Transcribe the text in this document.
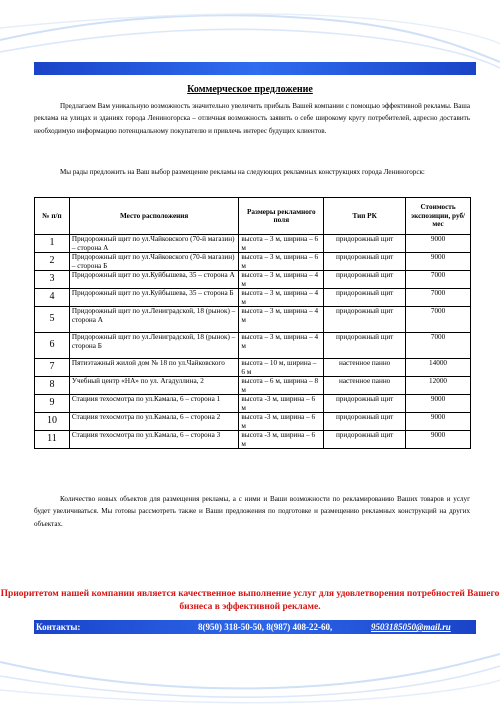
Коммерческое предложение
Предлагаем Вам уникальную возможность значительно увеличить прибыль Вашей компании с помощью эффективной рекламы. Ваша реклама на улицах и зданиях города Лениногорска – отличная возможность заявить о себе широкому кругу потребителей, адресно доставить необходимую информацию потенциальному покупателю и привлечь интерес будущих клиентов.
Мы рады предложить на Ваш выбор размещение рекламы на следующих рекламных конструкциях города Лениногорск:
№ п/п	Место расположения	Размеры рекламного поля	Тип РК	Стоимость экспозиции, руб/мес
1	Придорожный щит по ул.Чайковского (70-й магазин) – сторона А	высота – 3 м, ширина – 6 м	придорожный щит	9000
2	Придорожный щит по ул.Чайковского (70-й магазин) – сторона Б	высота – 3 м, ширина – 6 м	придорожный щит	9000
3	Придорожный щит по ул.Куйбышева, 35 – сторона А	высота – 3 м, ширина – 4 м	придорожный щит	7000
4	Придорожный щит по ул.Куйбышева, 35 – сторона Б	высота – 3 м, ширина – 4 м	придорожный щит	7000
5	Придорожный щит по ул.Лениградской, 18 (рынок) – сторона А	высота – 3 м, ширина – 4 м	придорожный щит	7000
6	Придорожный щит по ул.Лениградской, 18 (рынок) – сторона Б	высота – 3 м, ширина – 4 м	придорожный щит	7000
7	Пятиэтажный жилой дом № 18 по ул.Чайковского	высота – 10 м, ширина – 6 м	настенное панно	14000
8	Учебный центр «НА» по ул. Агадуллина, 2	высота – 6 м, ширина – 8 м	настенное панно	12000
9	Стациия техосмотра по ул.Камала, 6 – сторона 1	высота -3 м, ширина – 6 м	придорожный щит	9000
10	Стациия техосмотра по ул.Камала, 6 – сторона 2	высота -3 м, ширина – 6 м	придорожный щит	9000
11	Стациия техосмотра по ул.Камала, 6 – сторона 3	высота -3 м, ширина – 6 м	придорожный щит	9000
Количество новых объектов для размещения рекламы, а с ними и Ваши возможности по рекламированию Ваших товаров и услуг будет увеличиваться. Мы готовы рассмотреть также и Ваши предложения по подготовке и размещению рекламных конструкций на других объектах.
Приоритетом нашей компании является качественное выполнение услуг для удовлетворения потребностей Вашего бизнеса в эффективной рекламе.
Контакты:	8(950) 318-50-50, 8(987) 408-22-60,	9503185050@mail.ru
